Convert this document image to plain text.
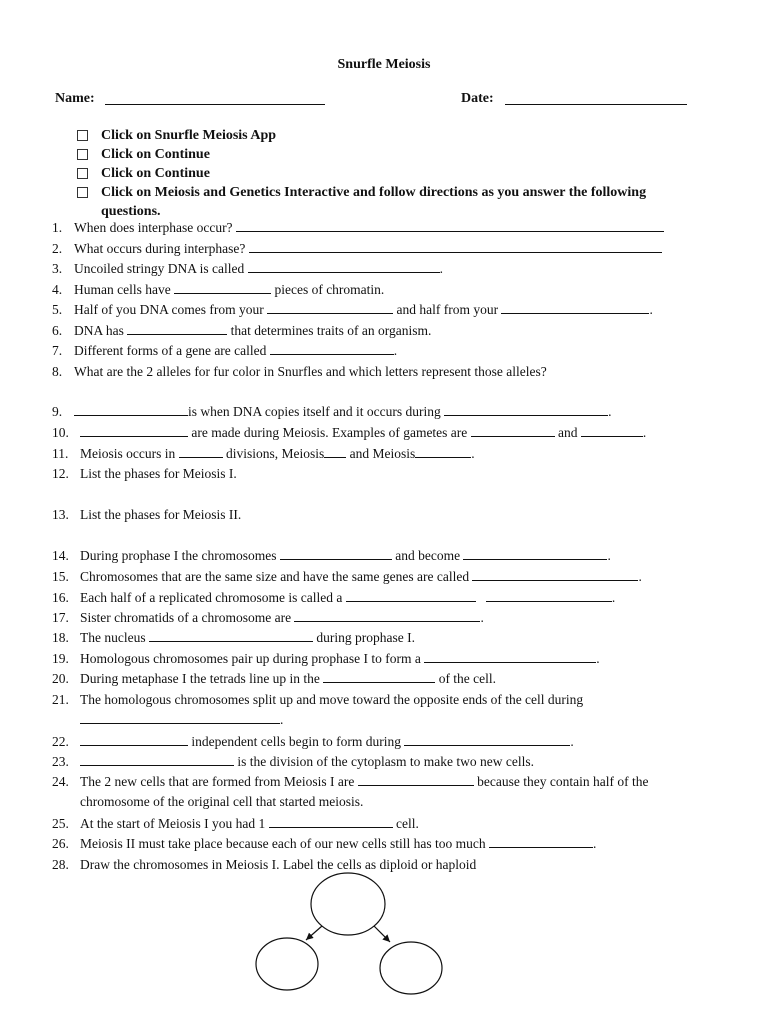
Snurfle Meiosis
Name:	Date:
Click on Snurfle Meiosis App
Click on Continue
Click on Continue
Click on Meiosis and Genetics Interactive and follow directions as you answer the following questions.
1. When does interphase occur?
2. What occurs during interphase?
3. Uncoiled stringy DNA is called	.
4. Human cells have	pieces of chromatin.
5. Half of you DNA comes from your	and half from your	.
6. DNA has	that determines traits of an organism.
7. Different forms of a gene are called	.
8. What are the 2 alleles for fur color in Snurfles and which letters represent those alleles?
9.	is when DNA copies itself and it occurs during	.
10.	are made during Meiosis. Examples of gametes are	and	.
11. Meiosis occurs in	divisions, Meiosis and Meiosis	.
12. List the phases for Meiosis I.
13. List the phases for Meiosis II.
14. During prophase I the chromosomes	and become	.
15. Chromosomes that are the same size and have the same genes are called	.
16. Each half of a replicated chromosome is called a	.
17. Sister chromatids of a chromosome are	.
18. The nucleus	during prophase I.
19. Homologous chromosomes pair up during prophase I to form a	.
20. During metaphase I the tetrads line up in the	of the cell.
21. The homologous chromosomes split up and move toward the opposite ends of the cell during
.
22.	independent cells begin to form during	.
23.	is the division of the cytoplasm to make two new cells.
24. The 2 new cells that are formed from Meiosis I are	because they contain half of the
chromosome of the original cell that started meiosis.
25. At the start of Meiosis I you had 1	cell.
26. Meiosis II must take place because each of our new cells still has too much	.
28. Draw the chromosomes in Meiosis I. Label the cells as diploid or haploid
